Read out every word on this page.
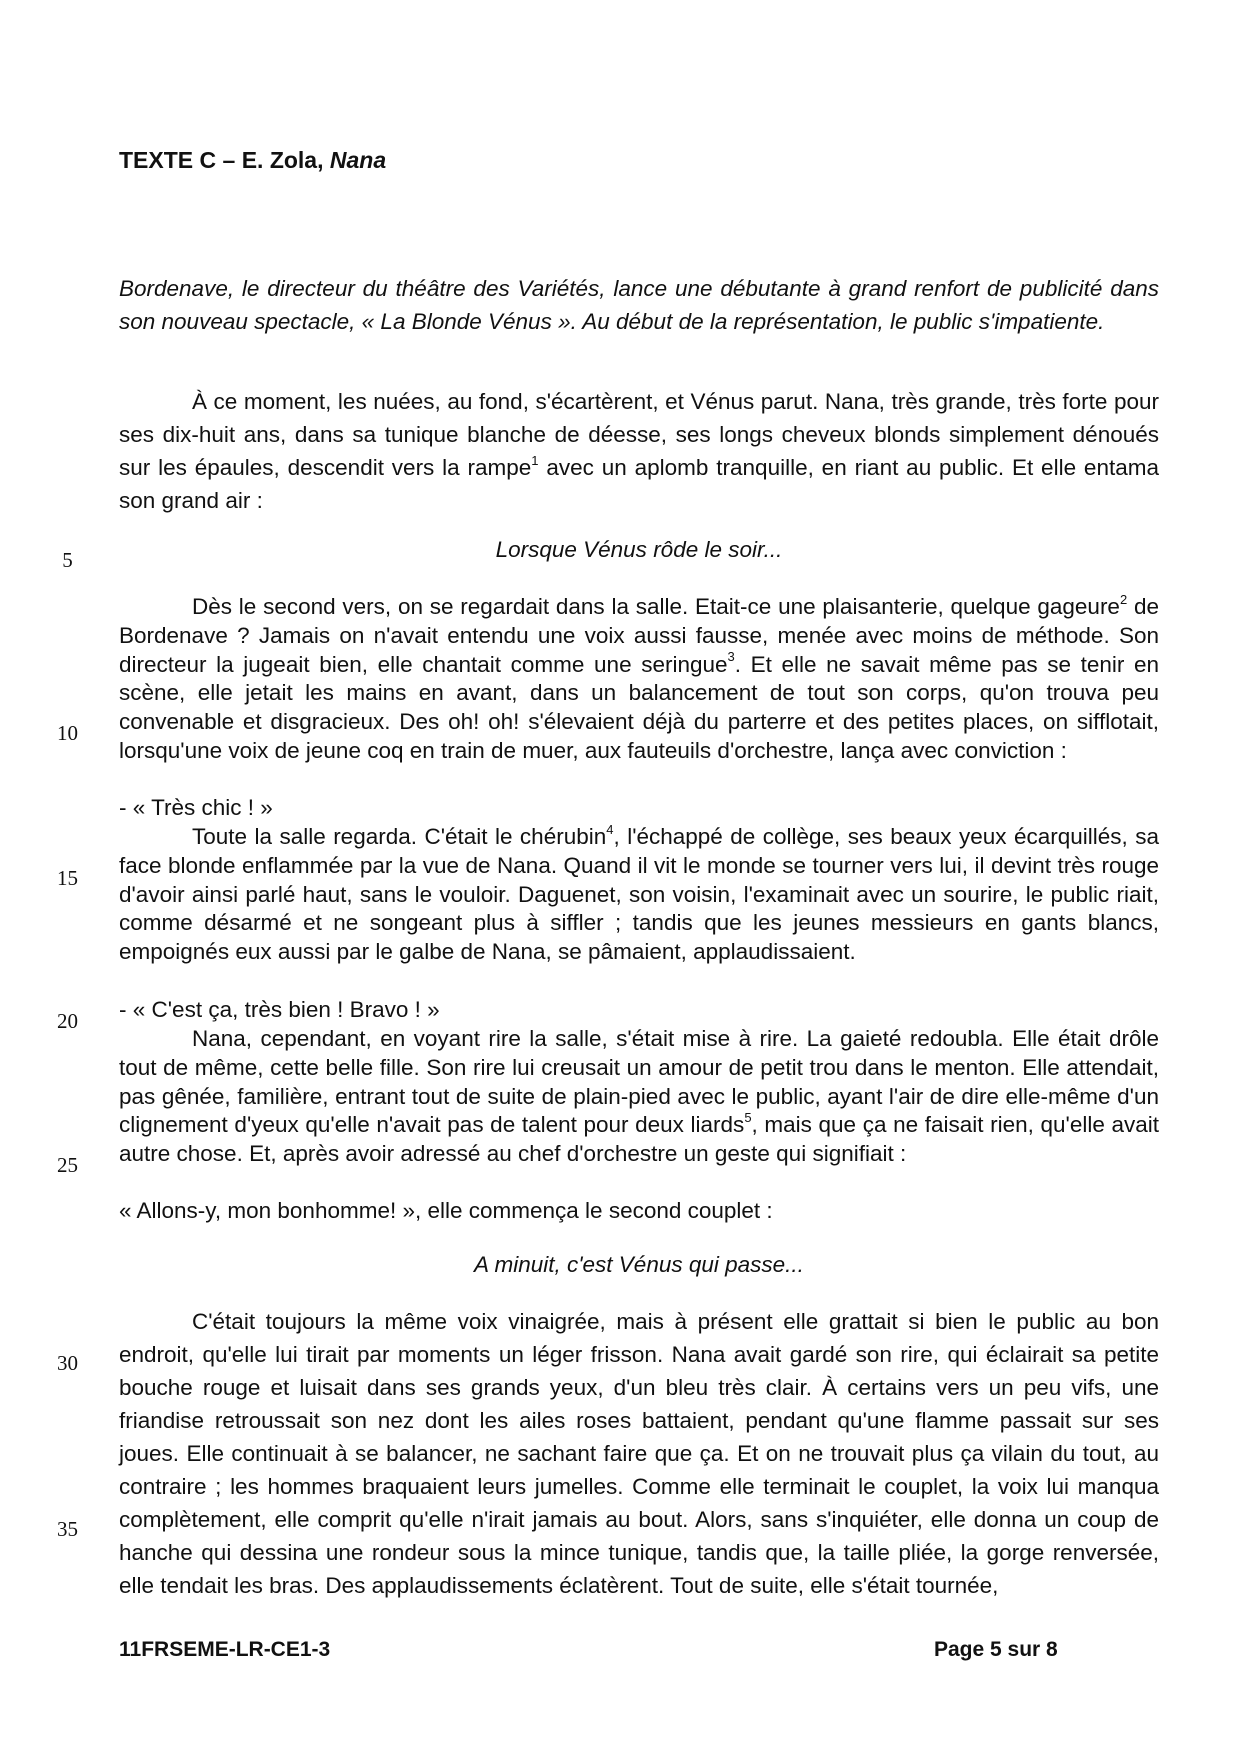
TEXTE C – E. Zola, Nana

Bordenave, le directeur du théâtre des Variétés, lance une débutante à grand renfort de publicité dans son nouveau spectacle, « La Blonde Vénus ». Au début de la représentation, le public s'impatiente.

À ce moment, les nuées, au fond, s'écartèrent, et Vénus parut. Nana, très grande, très forte pour ses dix-huit ans, dans sa tunique blanche de déesse, ses longs cheveux blonds simplement dénoués sur les épaules, descendit vers la rampe$^1$ avec un aplomb tranquille, en riant au public. Et elle entama son grand air :

Lorsque Vénus rôde le soir...

Dès le second vers, on se regardait dans la salle. Etait-ce une plaisanterie, quelque gageure$^2$ de Bordenave ? Jamais on n'avait entendu une voix aussi fausse, menée avec moins de méthode. Son directeur la jugeait bien, elle chantait comme une seringue$^3$. Et elle ne savait même pas se tenir en scène, elle jetait les mains en avant, dans un balancement de tout son corps, qu'on trouva peu convenable et disgracieux. Des oh! oh! s'élevaient déjà du parterre et des petites places, on sifflotait, lorsqu'une voix de jeune coq en train de muer, aux fauteuils d'orchestre, lança avec conviction :

- « Très chic ! »

Toute la salle regarda. C'était le chérubin$^4$, l'échappé de collège, ses beaux yeux écarquillés, sa face blonde enflammée par la vue de Nana. Quand il vit le monde se tourner vers lui, il devint très rouge d'avoir ainsi parlé haut, sans le vouloir. Daguenet, son voisin, l'examinait avec un sourire, le public riait, comme désarmé et ne songeant plus à siffler ; tandis que les jeunes messieurs en gants blancs, empoignés eux aussi par le galbe de Nana, se pâmaient, applaudissaient.

- « C'est ça, très bien ! Bravo ! »

Nana, cependant, en voyant rire la salle, s'était mise à rire. La gaieté redoubla. Elle était drôle tout de même, cette belle fille. Son rire lui creusait un amour de petit trou dans le menton. Elle attendait, pas gênée, familière, entrant tout de suite de plain-pied avec le public, ayant l'air de dire elle-même d'un clignement d'yeux qu'elle n'avait pas de talent pour deux liards$^5$, mais que ça ne faisait rien, qu'elle avait autre chose. Et, après avoir adressé au chef d'orchestre un geste qui signifiait :

« Allons-y, mon bonhomme! », elle commença le second couplet :

A minuit, c'est Vénus qui passe...

C'était toujours la même voix vinaigrée, mais à présent elle grattait si bien le public au bon endroit, qu'elle lui tirait par moments un léger frisson. Nana avait gardé son rire, qui éclairait sa petite bouche rouge et luisait dans ses grands yeux, d'un bleu très clair. À certains vers un peu vifs, une friandise retroussait son nez dont les ailes roses battaient, pendant qu'une flamme passait sur ses joues. Elle continuait à se balancer, ne sachant faire que ça. Et on ne trouvait plus ça vilain du tout, au contraire ; les hommes braquaient leurs jumelles. Comme elle terminait le couplet, la voix lui manqua complètement, elle comprit qu'elle n'irait jamais au bout. Alors, sans s'inquiéter, elle donna un coup de hanche qui dessina une rondeur sous la mince tunique, tandis que, la taille pliée, la gorge renversée, elle tendait les bras. Des applaudissements éclatèrent. Tout de suite, elle s'était tournée,

5
10
15
20
25
30
35
11FRSEME-LR-CE1-3	Page 5 sur 8
